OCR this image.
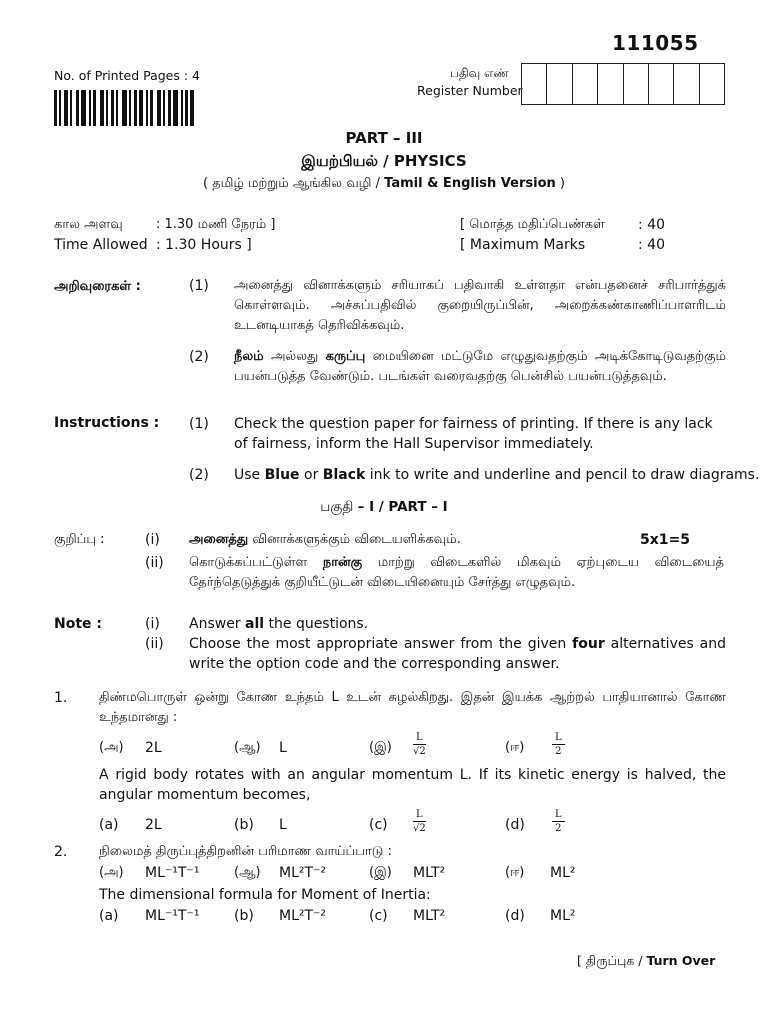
111055
No. of Printed Pages : 4	பதிவு எண்
Register Number
PART – III
இயற்பியல் / PHYSICS
( தமிழ் மற்றும் ஆங்கில வழி / Tamil & English Version )
கால அளவு	: 1.30 மணி நேரம் ]
Time Allowed : 1.30 Hours ]
[ மொத்த மதிப்பெண்கள் : 40
[ Maximum Marks	: 40
அறிவுரைகள் :	(1) அனைத்து வினாக்களும் சரியாகப் பதிவாகி உள்ளதா என்பதனைச் சரிபார்த்துக் கொள்ளவும். அச்சுப்பதிவில் குறையிருப்பின், அறைக்கண்காணிப்பாளரிடம் உடனடியாகத் தெரிவிக்கவும்.
(2) நீலம் அல்லது கருப்பு மையினை மட்டுமே எழுதுவதற்கும் அடிக்கோடிடுவதற்கும் பயன்படுத்த வேண்டும். படங்கள் வரைவதற்கு பென்சில் பயன்படுத்தவும்.
Instructions : (1) Check the question paper for fairness of printing. If there is any lack of fairness, inform the Hall Supervisor immediately.
(2) Use Blue or Black ink to write and underline and pencil to draw diagrams.
பகுதி – I / PART – I
குறிப்பு :	5x1=5
(i) அனைத்து வினாக்களுக்கும் விடையளிக்கவும்.
(ii) கொடுக்கப்பட்டுள்ள நான்கு மாற்று விடைகளில் மிகவும் ஏற்புடைய விடையைத் தேர்ந்தெடுத்துக் குறியீட்டுடன் விடையினையும் சேர்த்து எழுதவும்.
Note :	(i) Answer all the questions.
(ii) Choose the most appropriate answer from the given four alternatives and write the option code and the corresponding answer.
1. திண்மபொருள் ஒன்று கோண உந்தம் L உடன் சுழல்கிறது. இதன் இயக்க ஆற்றல் பாதியானால் கோண உந்தமானது :
(அ) 2L	(ஆ) L	(இ) $\frac{L}{√2}$	(ஈ)	$\frac{L}{2}$
A rigid body rotates with an angular momentum L. If its kinetic energy is halved, the angular momentum becomes,
(a) 2L	(b) L	(c)	$\frac{L}{√2}$	(d)	$\frac{L}{2}$
2. நிலைமத் திருப்புத்திறனின் பரிமாண வாய்ப்பாடு :
(அ) ML⁻¹T⁻¹	(ஆ) ML²T⁻²	(இ) MLT²	(ஈ) ML²
The dimensional formula for Moment of Inertia:
(a) ML⁻¹T⁻¹ (b) ML²T⁻²	(c) MLT²	(d) ML²
[ திருப்புக / Turn Over
